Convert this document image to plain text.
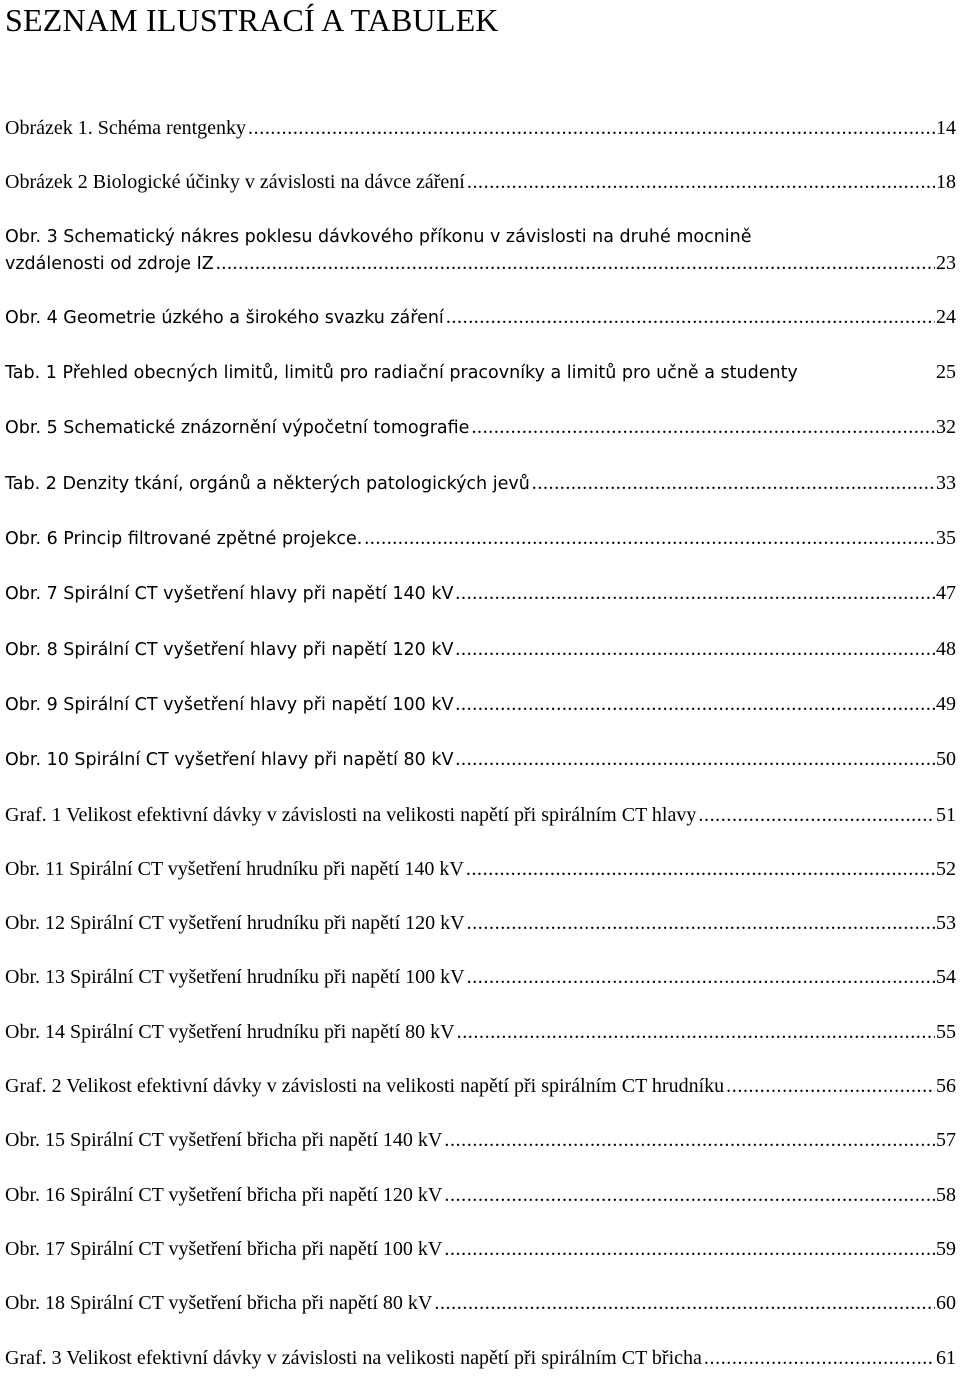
SEZNAM ILUSTRACÍ A TABULEK
Obrázek 1. Schéma rentgenky .....	14
Obrázek 2 Biologické účinky v závislosti na dávce záření .....	18
Obr. 3 Schematický nákres poklesu dávkového příkonu v závislosti na druhé mocnině
vzdálenosti od zdroje IZ .....	23
Obr. 4 Geometrie úzkého a širokého svazku záření .....	24
Tab. 1 Přehled obecných limitů, limitů pro radiační pracovníky a limitů pro učně a studenty	25
Obr. 5 Schematické znázornění výpočetní tomografie .....	32
Tab. 2 Denzity tkání, orgánů a některých patologických jevů .....	33
Obr. 6 Princip filtrované zpětné projekce. .....	35
Obr. 7 Spirální CT vyšetření hlavy při napětí 140 kV .....	47
Obr. 8 Spirální CT vyšetření hlavy při napětí 120 kV .....	48
Obr. 9 Spirální CT vyšetření hlavy při napětí 100 kV .....	49
Obr. 10 Spirální CT vyšetření hlavy při napětí 80 kV .....	50
Graf. 1 Velikost efektivní dávky v závislosti na velikosti napětí při spirálním CT hlavy .....	51
Obr. 11 Spirální CT vyšetření hrudníku při napětí 140 kV .....	52
Obr. 12 Spirální CT vyšetření hrudníku při napětí 120 kV .....	53
Obr. 13 Spirální CT vyšetření hrudníku při napětí 100 kV .....	54
Obr. 14 Spirální CT vyšetření hrudníku při napětí 80 kV .....	55
Graf. 2 Velikost efektivní dávky v závislosti na velikosti napětí při spirálním CT hrudníku .....	56
Obr. 15 Spirální CT vyšetření břicha při napětí 140 kV .....	57
Obr. 16 Spirální CT vyšetření břicha při napětí 120 kV .....	58
Obr. 17 Spirální CT vyšetření břicha při napětí 100 kV .....	59
Obr. 18 Spirální CT vyšetření břicha při napětí 80 kV .....	60
Graf. 3 Velikost efektivní dávky v závislosti na velikosti napětí při spirálním CT břicha .....	61
